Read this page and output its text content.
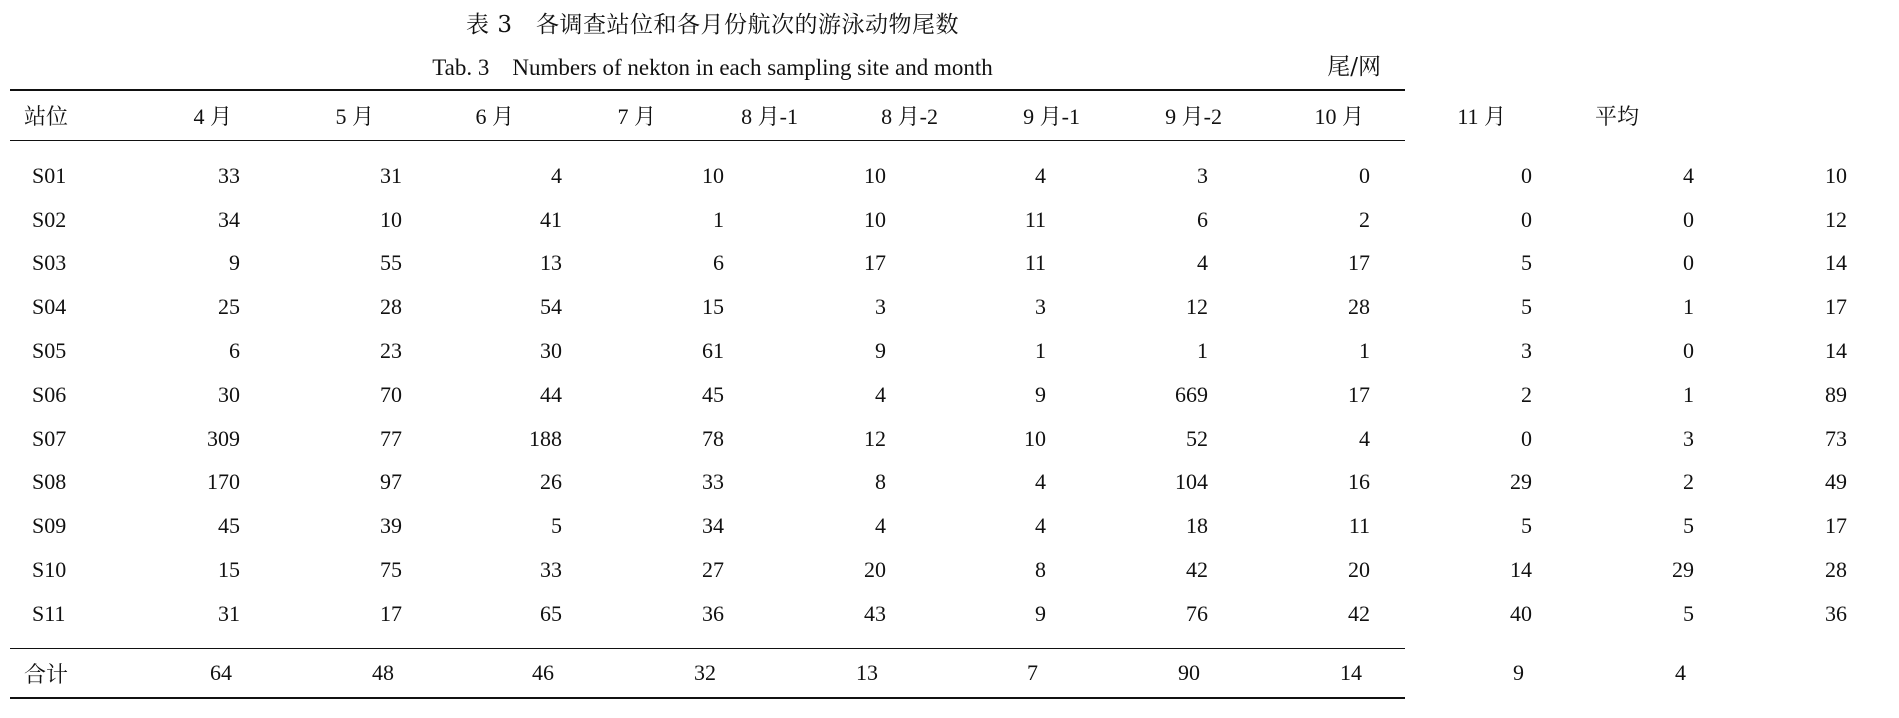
表 3　各调查站位和各月份航次的游泳动物尾数
Tab. 3　Numbers of nekton in each sampling site and month	尾/网
站位	4 月	5 月	6 月	7 月	8 月-1	8 月-2	9 月-1	9 月-2	10 月	11 月	平均
S01	33	31	4	10	10	4	3	0	0	4	10
S02	34	10	41	1	10	11	6	2	0	0	12
S03	9	55	13	6	17	11	4	17	5	0	14
S04	25	28	54	15	3	3	12	28	5	1	17
S05	6	23	30	61	9	1	1	1	3	0	14
S06	30	70	44	45	4	9	669	17	2	1	89
S07	309	77	188	78	12	10	52	4	0	3	73
S08	170	97	26	33	8	4	104	16	29	2	49
S09	45	39	5	34	4	4	18	11	5	5	17
S10	15	75	33	27	20	8	42	20	14	29	28
S11	31	17	65	36	43	9	76	42	40	5	36
合计	64	48	46	32	13	7	90	14	9	4	
